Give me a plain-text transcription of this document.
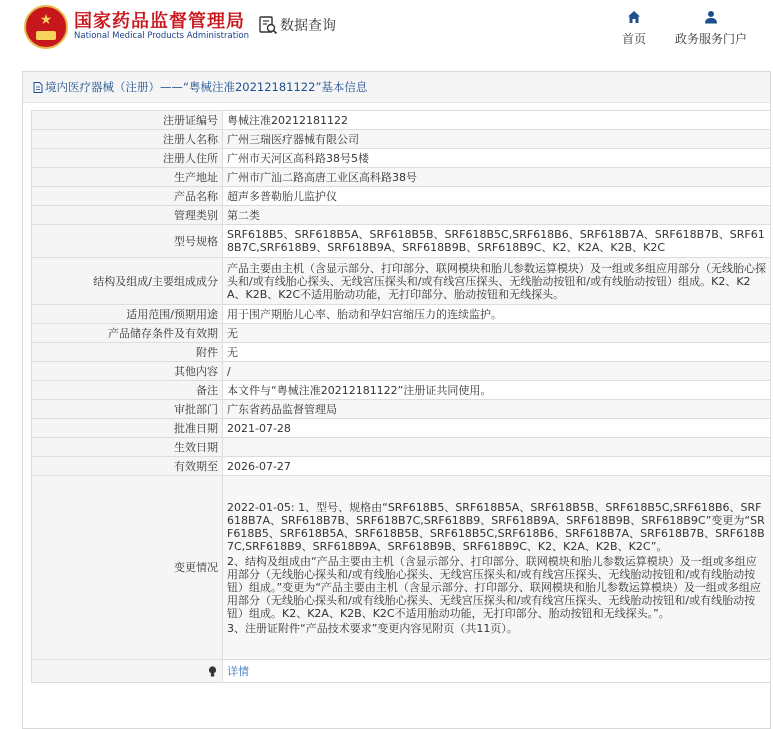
★	国家药品监督管理局
National Medical Products Administration
数据查询
首页 政务服务门户
境内医疗器械（注册）——“粤械注准20212181122”基本信息
注册证编号	粤械注准20212181122
注册人名称	广州三瑞医疗器械有限公司
注册人住所	广州市天河区高科路38号5楼
生产地址	广州市广汕二路高唐工业区高科路38号
产品名称	超声多普勒胎儿监护仪
管理类别	第二类
型号规格	SRF618B5、SRF618B5A、SRF618B5B、SRF618B5C,SRF618B6、SRF618B7A、SRF618B7B、SRF618B7C,SRF618B9、SRF618B9A、SRF618B9B、SRF618B9C、K2、K2A、K2B、K2C
结构及组成/主要组成成分	产品主要由主机（含显示部分、打印部分、联网模块和胎儿参数运算模块）及一组或多组应用部分（无线胎心探头和/或有线胎心探头、无线宫压探头和/或有线宫压探头、无线胎动按钮和/或有线胎动按钮）组成。K2、K2A、K2B、K2C不适用胎动功能，无打印部分、胎动按钮和无线探头。
适用范围/预期用途	用于围产期胎儿心率、胎动和孕妇宫缩压力的连续监护。
产品储存条件及有效期	无
附件	无
其他内容	/
备注	本文件与“粤械注准20212181122”注册证共同使用。
审批部门	广东省药品监督管理局
批准日期	2021-07-28
生效日期	
有效期至	2026-07-27
变更情况	2022-01-05: 1、型号、规格由“SRF618B5、SRF618B5A、SRF618B5B、SRF618B5C,SRF618B6、SRF618B7A、SRF618B7B、SRF618B7C,SRF618B9、SRF618B9A、SRF618B9B、SRF618B9C”变更为“SRF618B5、SRF618B5A、SRF618B5B、SRF618B5C,SRF618B6、SRF618B7A、SRF618B7B、SRF618B7C,SRF618B9、SRF618B9A、SRF618B9B、SRF618B9C、K2、K2A、K2B、K2C”。
2、结构及组成由“产品主要由主机（含显示部分、打印部分、联网模块和胎儿参数运算模块）及一组或多组应用部分（无线胎心探头和/或有线胎心探头、无线宫压探头和/或有线宫压探头、无线胎动按钮和/或有线胎动按钮）组成。”变更为“产品主要由主机（含显示部分、打印部分、联网模块和胎儿参数运算模块）及一组或多组应用部分（无线胎心探头和/或有线胎心探头、无线宫压探头和/或有线宫压探头、无线胎动按钮和/或有线胎动按钮）组成。K2、K2A、K2B、K2C不适用胎动功能，无打印部分、胎动按钮和无线探头。”。
3、注册证附件“产品技术要求”变更内容见附页（共11页）。

	详情
